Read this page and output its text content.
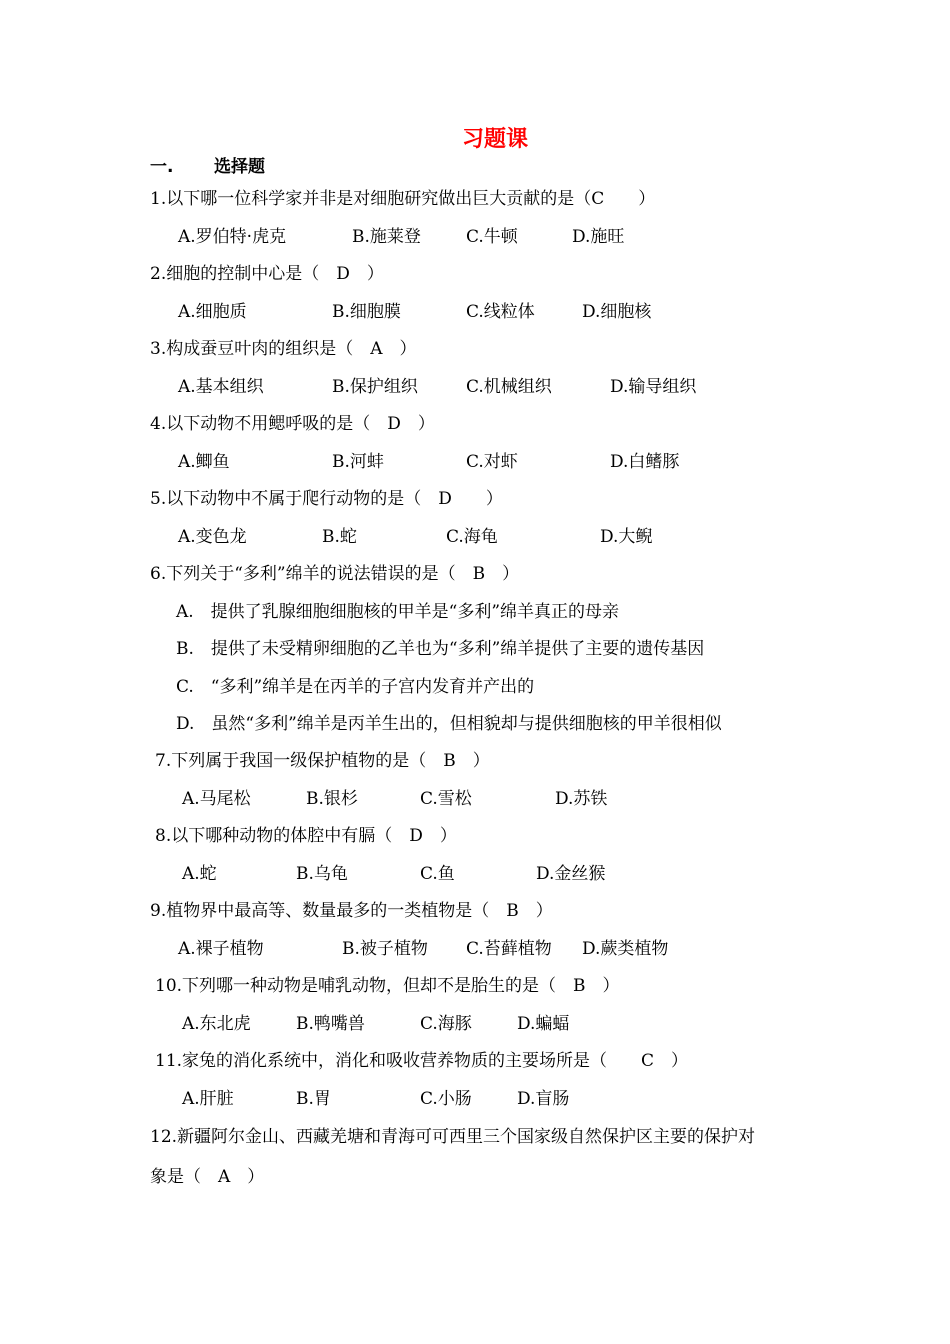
习题课
一. 选择题
1.以下哪一位科学家并非是对细胞研究做出巨大贡献的是（C　　）
A.罗伯特·虎克	B.施莱登	C.牛顿	D.施旺
2.细胞的控制中心是（　D　）
A.细胞质	B.细胞膜	C.线粒体	D.细胞核
3.构成蚕豆叶肉的组织是（　A　）
A.基本组织	B.保护组织	C.机械组织	D.输导组织
4.以下动物不用鳃呼吸的是（　D　）
A.鲫鱼	B.河蚌	C.对虾	D.白鳍豚
5.以下动物中不属于爬行动物的是（　D　　）
A.变色龙	B.蛇	C.海龟	D.大鲵
6.下列关于“多利”绵羊的说法错误的是（　B　）
A.　提供了乳腺细胞细胞核的甲羊是“多利”绵羊真正的母亲
B.　提供了未受精卵细胞的乙羊也为“多利”绵羊提供了主要的遗传基因
C.　“多利”绵羊是在丙羊的子宫内发育并产出的
D.　虽然“多利”绵羊是丙羊生出的，但相貌却与提供细胞核的甲羊很相似
7.下列属于我国一级保护植物的是（　B　）
A.马尾松	B.银杉	C.雪松	D.苏铁
8.以下哪种动物的体腔中有膈（　D　）
A.蛇	B.乌龟	C.鱼	D.金丝猴
9.植物界中最高等、数量最多的一类植物是（　B　）
A.裸子植物	B.被子植物 C.苔藓植物 D.蕨类植物
10.下列哪一种动物是哺乳动物，但却不是胎生的是（　B　）
A.东北虎	B.鸭嘴兽	C.海豚	D.蝙蝠
11.家兔的消化系统中，消化和吸收营养物质的主要场所是（　　C　）
A.肝脏	B.胃	C.小肠	D.盲肠
12.新疆阿尔金山、西藏羌塘和青海可可西里三个国家级自然保护区主要的保护对
象是（　A　）
